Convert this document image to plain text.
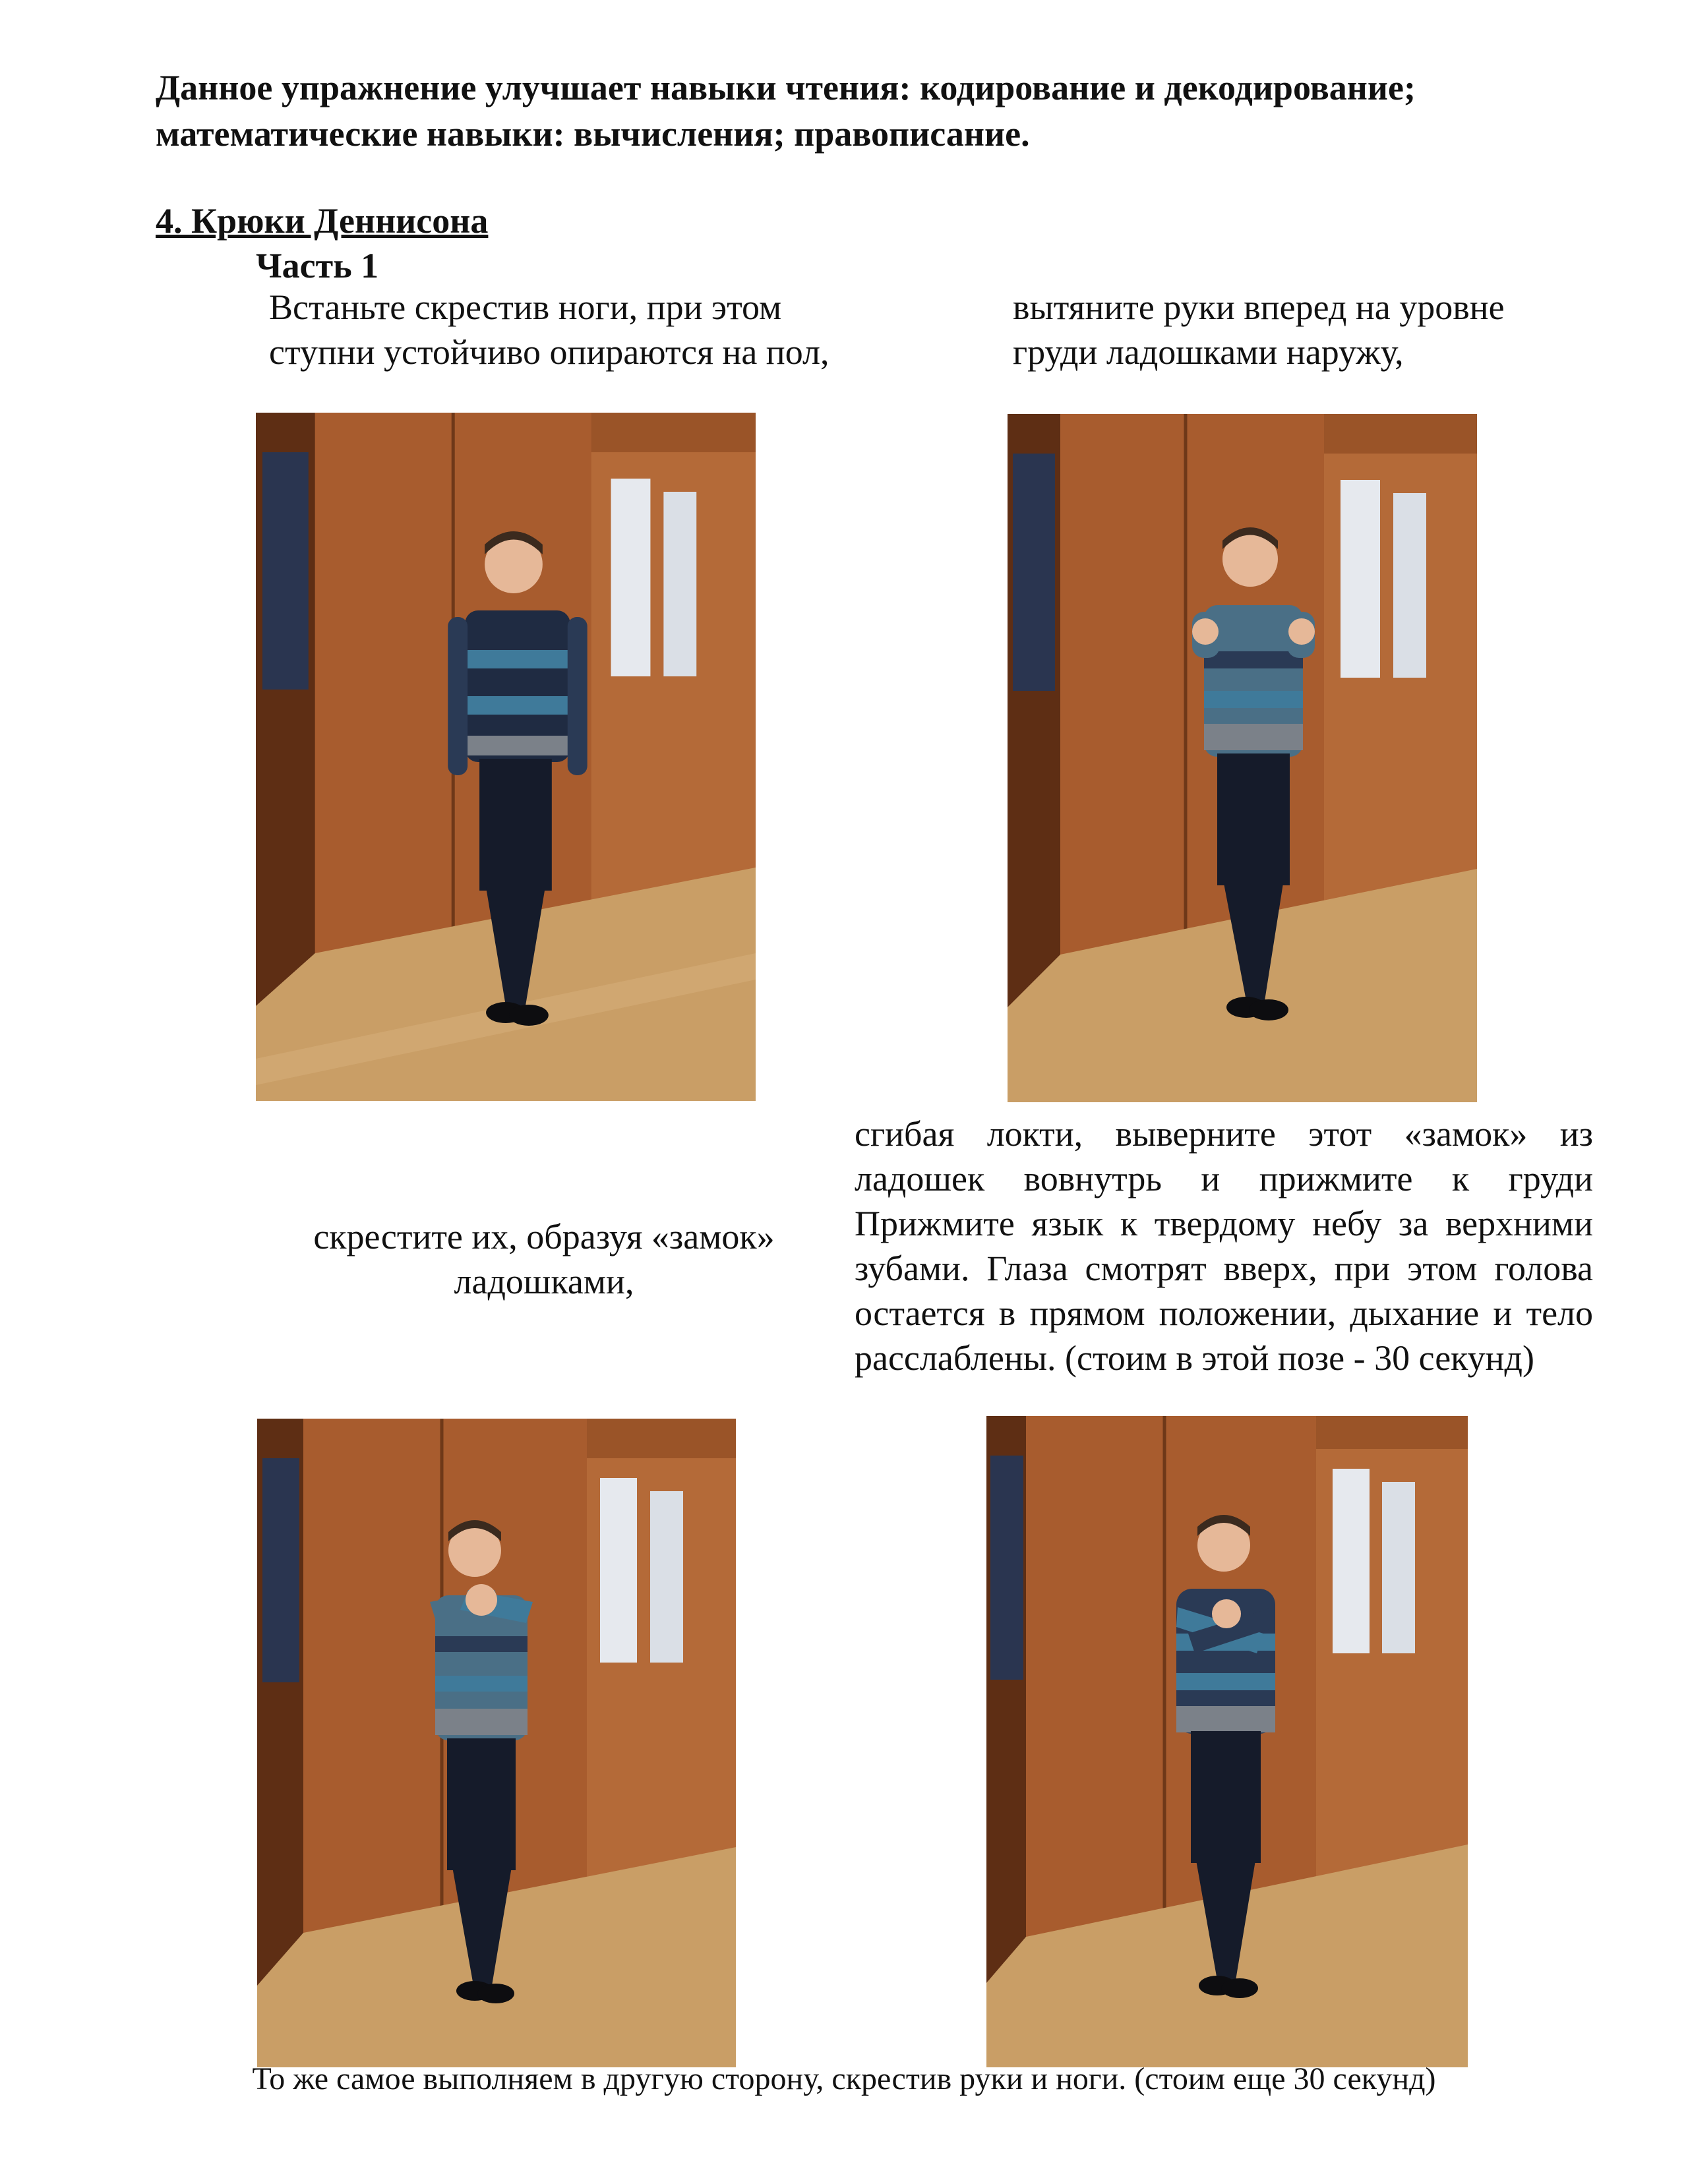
Данное упражнение улучшает навыки чтения: кодирование и декодирование;
математические навыки: вычисления; правописание.
4. Крюки Деннисона
Часть 1
Встаньте скрестив ноги, при этом
ступни устойчиво опираются на пол,
вытяните руки вперед на уровне
груди ладошками наружу,
скрестите их, образуя «замок»
ладошками,
сгибая локти, выверните этот «замок» из ладошек вовнутрь и прижмите к груди Прижмите язык к твердому небу за верхними зубами. Глаза смотрят вверх, при этом голова остается в прямом положении, дыхание и тело расслаблены. (стоим в этой позе - 30 секунд)
То же самое выполняем в другую сторону, скрестив руки и ноги. (стоим еще 30 секунд)
